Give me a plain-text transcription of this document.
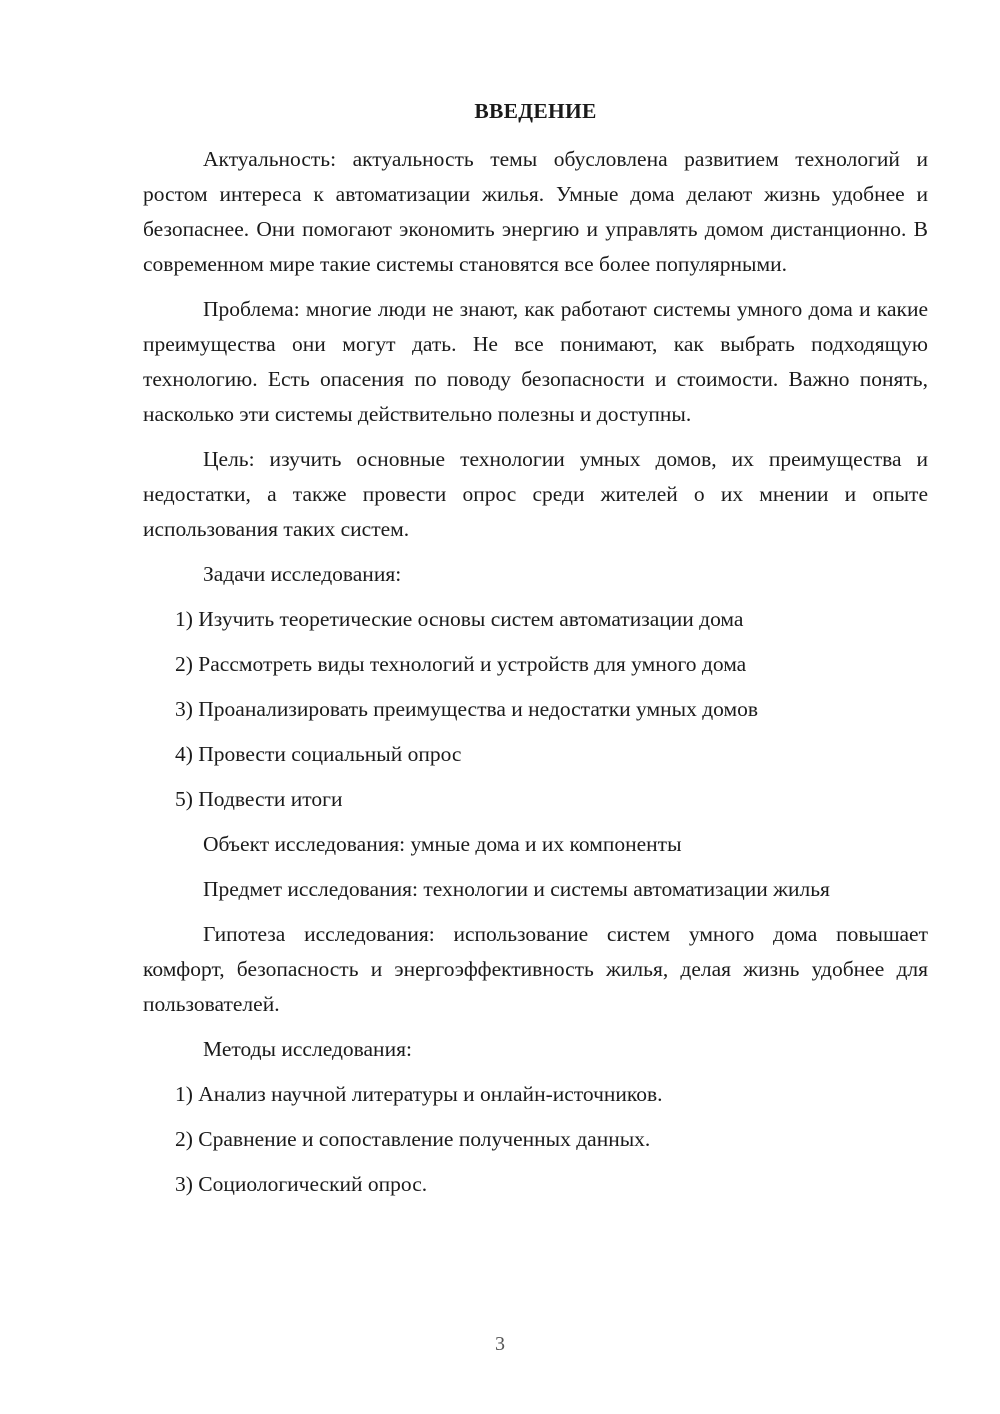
ВВЕДЕНИЕ

Актуальность: актуальность темы обусловлена развитием технологий и ростом интереса к автоматизации жилья. Умные дома делают жизнь удобнее и безопаснее. Они помогают экономить энергию и управлять домом дистанционно. В современном мире такие системы становятся все более популярными.

Проблема: многие люди не знают, как работают системы умного дома и какие преимущества они могут дать. Не все понимают, как выбрать подходящую технологию. Есть опасения по поводу безопасности и стоимости. Важно понять, насколько эти системы действительно полезны и доступны.

Цель: изучить основные технологии умных домов, их преимущества и недостатки, а также провести опрос среди жителей о их мнении и опыте использования таких систем.

Задачи исследования:
1) Изучить теоретические основы систем автоматизации дома
2) Рассмотреть виды технологий и устройств для умного дома
3) Проанализировать преимущества и недостатки умных домов
4) Провести социальный опрос
5) Подвести итоги
Объект исследования: умные дома и их компоненты
Предмет исследования: технологии и системы автоматизации жилья

Гипотеза исследования: использование систем умного дома повышает комфорт, безопасность и энергоэффективность жилья, делая жизнь удобнее для пользователей.

Методы исследования:
1) Анализ научной литературы и онлайн-источников.
2) Сравнение и сопоставление полученных данных.
3) Социологический опрос.
3
